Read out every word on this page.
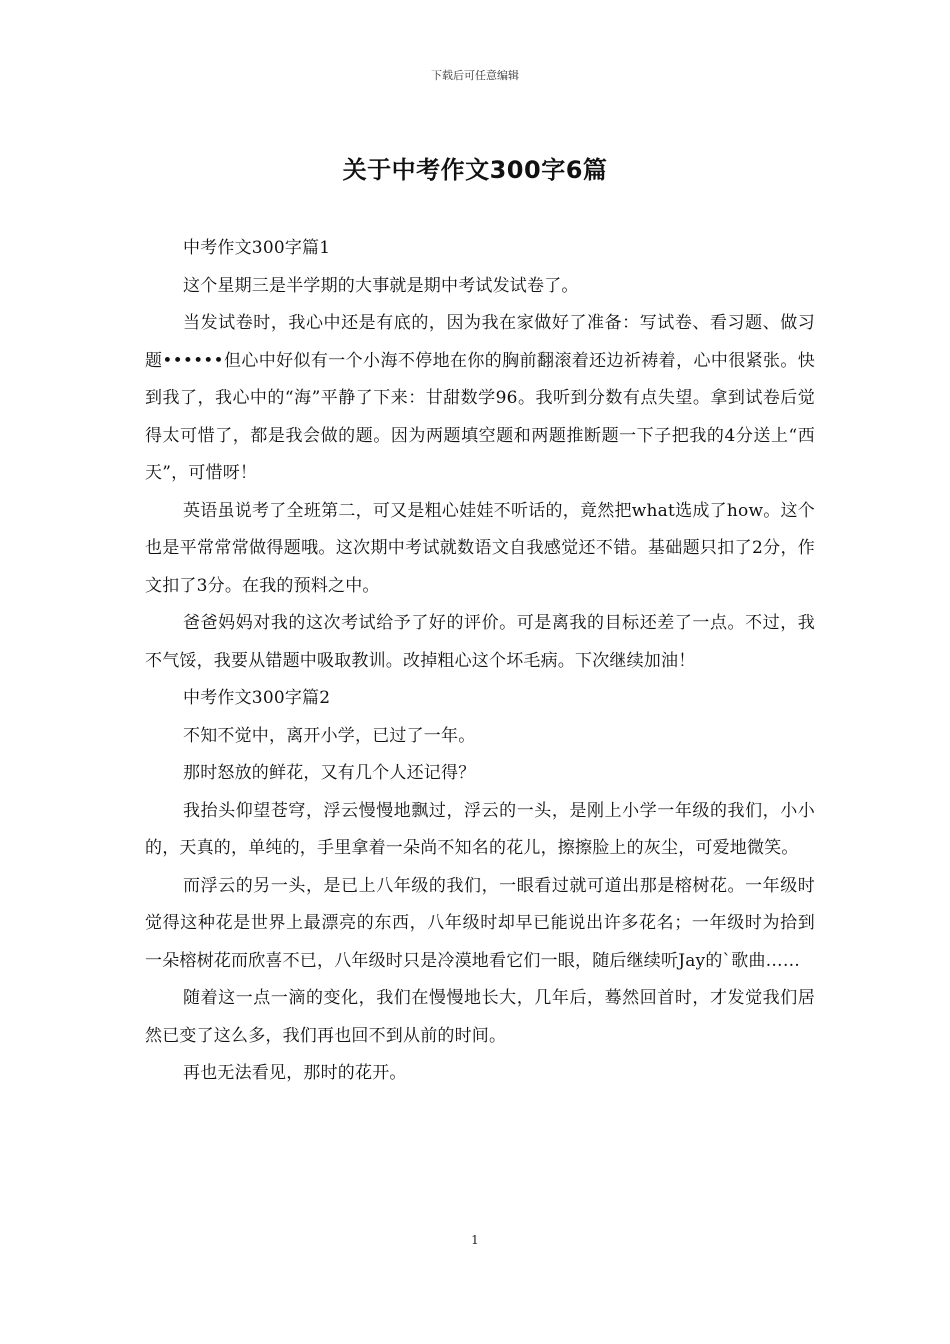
下载后可任意编辑
关于中考作文300字6篇

中考作文300字篇1

这个星期三是半学期的大事就是期中考试发试卷了。

当发试卷时，我心中还是有底的，因为我在家做好了准备：写试卷、看习题、做习题••••••但心中好似有一个小海不停地在你的胸前翻滚着还边祈祷着，心中很紧张。快到我了，我心中的“海”平静了下来：甘甜数学96。我听到分数有点失望。拿到试卷后觉得太可惜了，都是我会做的题。因为两题填空题和两题推断题一下子把我的4分送上“西天”，可惜呀！

英语虽说考了全班第二，可又是粗心娃娃不听话的，竟然把what选成了how。这个也是平常常常做得题哦。这次期中考试就数语文自我感觉还不错。基础题只扣了2分，作文扣了3分。在我的预料之中。

爸爸妈妈对我的这次考试给予了好的评价。可是离我的目标还差了一点。不过，我不气馁，我要从错题中吸取教训。改掉粗心这个坏毛病。下次继续加油！

中考作文300字篇2

不知不觉中，离开小学，已过了一年。

那时怒放的鲜花，又有几个人还记得？

我抬头仰望苍穹，浮云慢慢地飘过，浮云的一头，是刚上小学一年级的我们，小小的，天真的，单纯的，手里拿着一朵尚不知名的花儿，擦擦脸上的灰尘，可爱地微笑。

而浮云的另一头，是已上八年级的我们，一眼看过就可道出那是榕树花。一年级时觉得这种花是世界上最漂亮的东西，八年级时却早已能说出许多花名；一年级时为拾到一朵榕树花而欣喜不已，八年级时只是冷漠地看它们一眼，随后继续听Jay的`歌曲……

随着这一点一滴的变化，我们在慢慢地长大，几年后，蓦然回首时，才发觉我们居然已变了这么多，我们再也回不到从前的时间。

再也无法看见，那时的花开。

1
